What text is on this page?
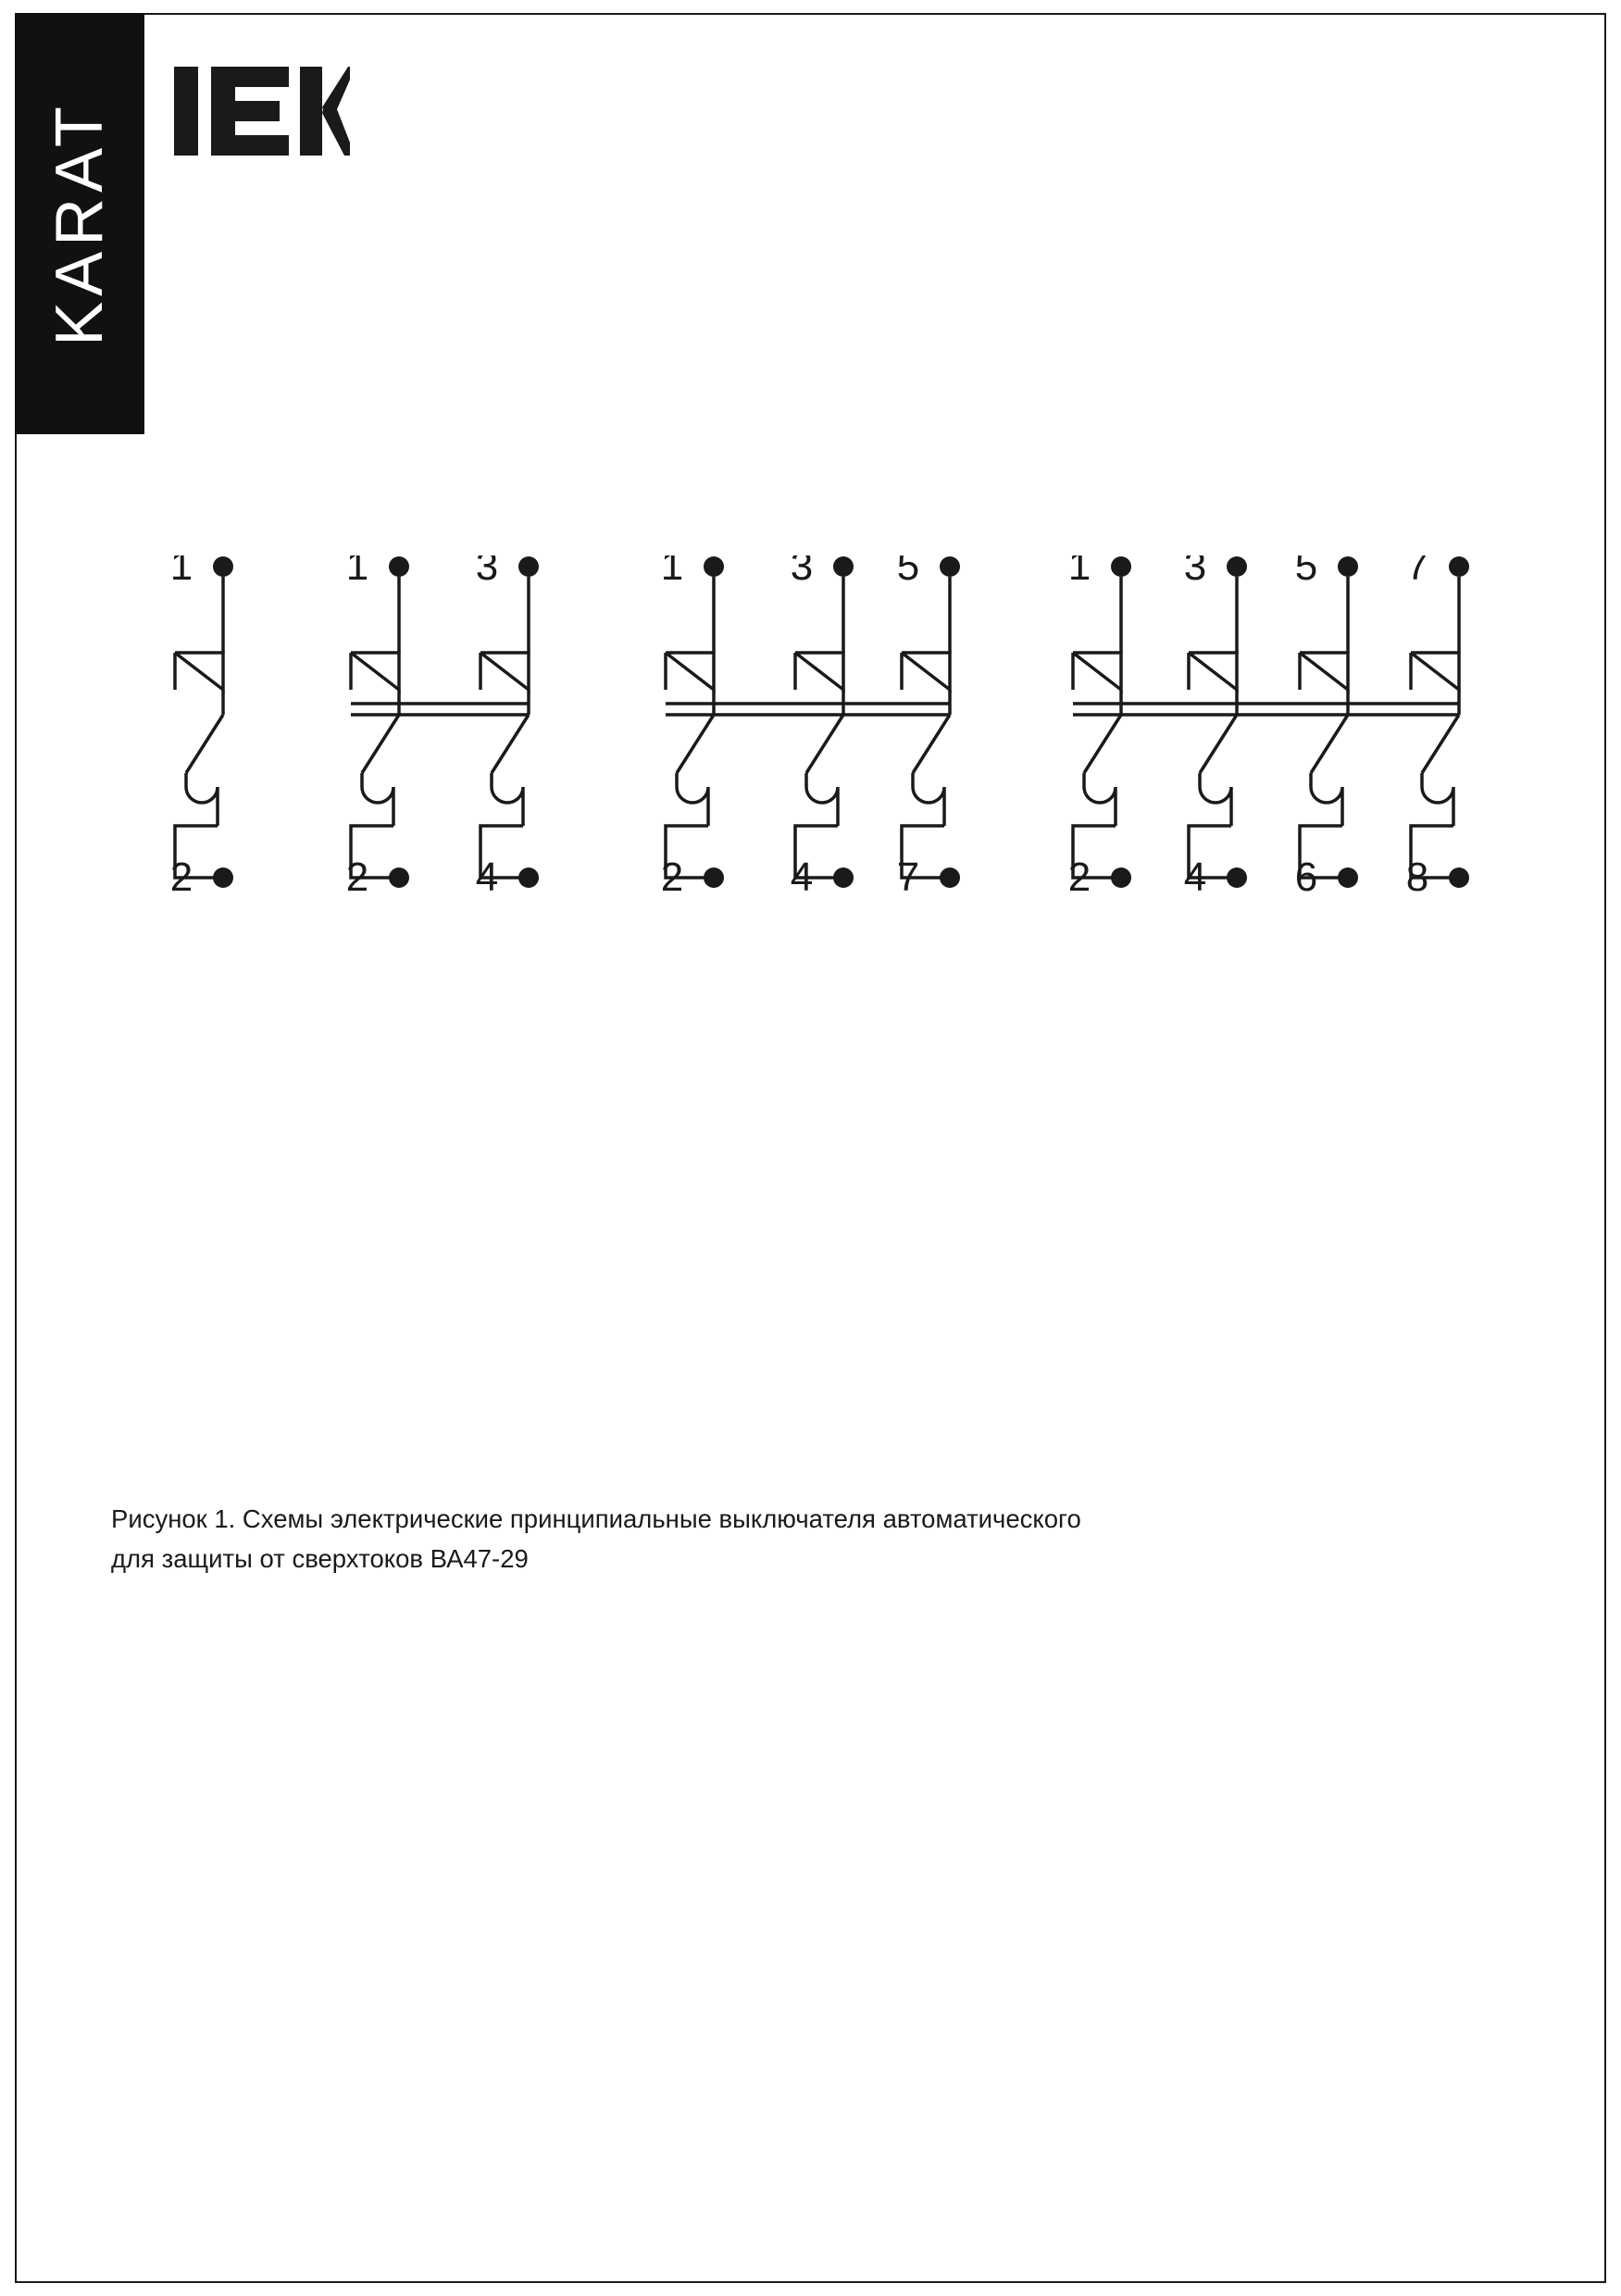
KARAT
1
2
1	3
2	4
1	3 5
2	4 7
1 3 5 7
2 4 6 8
Рисунок 1. Схемы электрические принципиальные выключателя автоматического
для защиты от сверхтоков ВА47-29
